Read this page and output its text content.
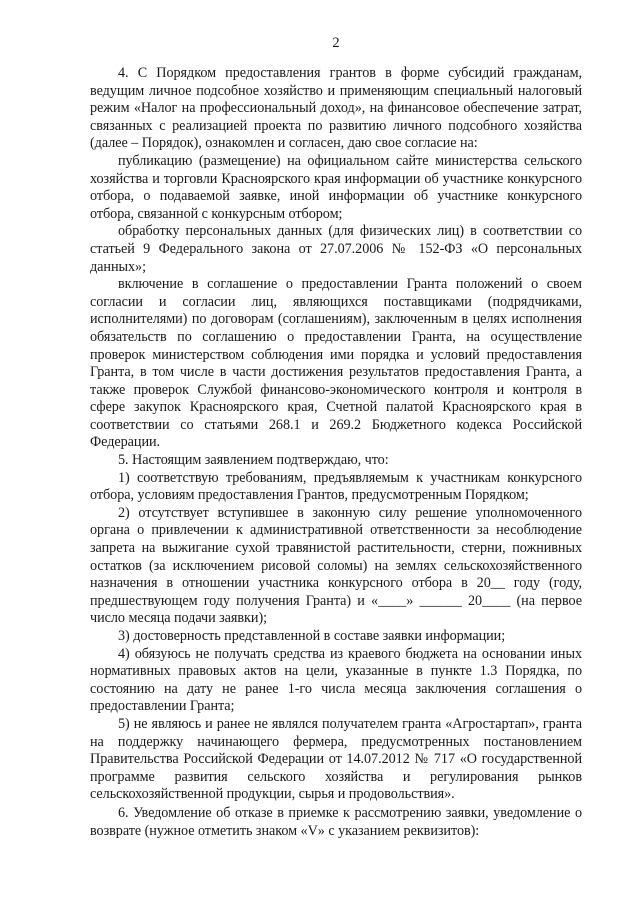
2

4. С Порядком предоставления грантов в форме субсидий гражданам, ведущим личное подсобное хозяйство и применяющим специальный налоговый режим «Налог на профессиональный доход», на финансовое обеспечение затрат, связанных с реализацией проекта по развитию личного подсобного хозяйства (далее – Порядок), ознакомлен и согласен, даю свое согласие на:

публикацию (размещение) на официальном сайте министерства сельского хозяйства и торговли Красноярского края информации об участнике конкурсного отбора, о подаваемой заявке, иной информации об участнике конкурсного отбора, связанной с конкурсным отбором;

обработку персональных данных (для физических лиц) в соответствии со статьей 9 Федерального закона от 27.07.2006 № 152-ФЗ «О персональных данных»;

включение в соглашение о предоставлении Гранта положений о своем согласии и согласии лиц, являющихся поставщиками (подрядчиками, исполнителями) по договорам (соглашениям), заключенным в целях исполнения обязательств по соглашению о предоставлении Гранта, на осуществление проверок министерством соблюдения ими порядка и условий предоставления Гранта, в том числе в части достижения результатов предоставления Гранта, а также проверок Службой финансово-экономического контроля и контроля в сфере закупок Красноярского края, Счетной палатой Красноярского края в соответствии со статьями 268.1 и 269.2 Бюджетного кодекса Российской Федерации.

5. Настоящим заявлением подтверждаю, что:

1) соответствую требованиям, предъявляемым к участникам конкурсного отбора, условиям предоставления Грантов, предусмотренным Порядком;

2) отсутствует вступившее в законную силу решение уполномоченного органа о привлечении к административной ответственности за несоблюдение запрета на выжигание сухой травянистой растительности, стерни, пожнивных остатков (за исключением рисовой соломы) на землях сельскохозяйственного назначения в отношении участника конкурсного отбора в 20__ году (году, предшествующем году получения Гранта) и «____» ______ 20____ (на первое число месяца подачи заявки);

3) достоверность представленной в составе заявки информации;

4) обязуюсь не получать средства из краевого бюджета на основании иных нормативных правовых актов на цели, указанные в пункте 1.3 Порядка, по состоянию на дату не ранее 1-го числа месяца заключения соглашения о предоставлении Гранта;

5) не являюсь и ранее не являлся получателем гранта «Агростартап», гранта на поддержку начинающего фермера, предусмотренных постановлением Правительства Российской Федерации от 14.07.2012 № 717 «О государственной программе развития сельского хозяйства и регулирования рынков сельскохозяйственной продукции, сырья и продовольствия».

6. Уведомление об отказе в приемке к рассмотрению заявки, уведомление о возврате (нужное отметить знаком «V» с указанием реквизитов):
